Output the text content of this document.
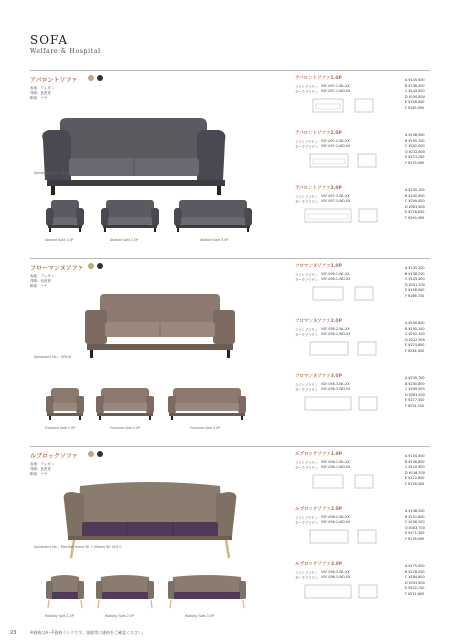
SOFA
Welfare & Hospital
アバロントソファ
表地：ウレタン
背脚：低密度
脚部：ナチ
Upholstery No.：UP034
Abalont Sofa 1.0P	Abalont Sofa 2.0P	Abalont Sofa 3.0P
アバロントソファ1.0P
ライトブラウン VSF-097-1-WL-XX
ダークブラウン VSF-097-1-WD-XX
A ¥135,000
B ¥138,000
C ¥143,000
D ¥150,800
E ¥158,400
F ¥165,900
アバロントソファ2.0P
ライトブラウン VSF-097-2-WL-XX
ダークブラウン VSF-097-2-WD-XX
A ¥198,900
B ¥195,100
C ¥202,000
D ¥212,800
E ¥223,200
F ¥233,900
アバロントソファ3.0P
ライトブラウン VSF-097-3-WL-XX
ダークブラウン VSF-097-3-WD-XX
A ¥235,100
B ¥240,900
C ¥249,400
D ¥263,800
E ¥276,800
F ¥290,400
フローマンヌソファ
表地：ウレタン
背脚：低密度
脚部：ナチ
Upholstery No.：UP018
Fromana Sofa 1.0P	Fromana Sofa 2.0P	Fromana Sofa 3.0P
フロマンヌソファ1.0P
ライトブラウン VSF-098-1-WL-XX
ダークブラウン VSF-098-1-WD-XX
A ¥135,200
B ¥138,200
C ¥143,400
D ¥151,200
E ¥158,900
F ¥166,700
フロマンヌソファ2.0P
ライトブラウン VSF-098-2-WL-XX
ダークブラウン VSF-098-2-WD-XX
A ¥190,800
B ¥195,100
C ¥202,100
D ¥212,900
E ¥223,800
F ¥234,900
フロマンヌソファ3.0P
ライトブラウン VSF-098-3-WL-XX
ダークブラウン VSF-098-3-WD-XX
A ¥235,700
B ¥240,800
C ¥249,500
D ¥263,500
E ¥277,300
F ¥291,100
ルブロックソファ
表地：ウレタン
背脚：低密度
脚部：ナチ
Upholstery No.：Member Arena SE ① Mirano NC 016 ②
Rubloky Sofa 1.0P	Rubloky Sofa 2.0P	Rubloky Sofa 3.0P
ルブロックソファ1.0P
ライトブラウン VSF-096-1-WL-XX
ダークブラウン VSF-096-1-WD-XX
A ¥104,500
B ¥106,800
C ¥110,900
D ¥116,700
E ¥122,600
F ¥128,400
ルブロックソファ2.0P
ライトブラウン VSF-096-2-WL-XX
ダークブラウン VSF-096-2-WD-XX
A ¥148,200
B ¥151,600
C ¥156,200
D ¥163,700
E ¥171,300
F ¥178,900
ルブロックソファ3.0P
ライトブラウン VSF-096-3-WL-XX
ダークブラウン VSF-096-3-WD-XX
A ¥175,500
B ¥178,000
C ¥184,800
D ¥193,800
E ¥202,700
F ¥211,600
23	※価格はA〜F価格ランクです。張地等に価格をご確認ください。
